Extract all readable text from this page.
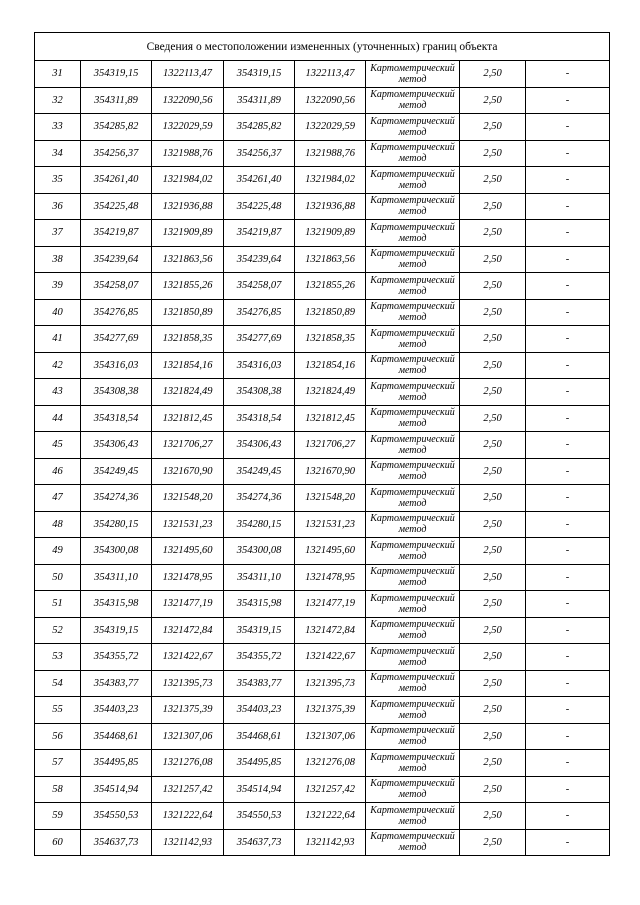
Сведения о местоположении измененных (уточненных) границ объекта							
31	354319,15	1322113,47	354319,15	1322113,47	Картометрический
метод	2,50	-
32	354311,89	1322090,56	354311,89	1322090,56	Картометрический
метод	2,50	-
33	354285,82	1322029,59	354285,82	1322029,59	Картометрический
метод	2,50	-
34	354256,37	1321988,76	354256,37	1321988,76	Картометрический
метод	2,50	-
35	354261,40	1321984,02	354261,40	1321984,02	Картометрический
метод	2,50	-
36	354225,48	1321936,88	354225,48	1321936,88	Картометрический
метод	2,50	-
37	354219,87	1321909,89	354219,87	1321909,89	Картометрический
метод	2,50	-
38	354239,64	1321863,56	354239,64	1321863,56	Картометрический
метод	2,50	-
39	354258,07	1321855,26	354258,07	1321855,26	Картометрический
метод	2,50	-
40	354276,85	1321850,89	354276,85	1321850,89	Картометрический
метод	2,50	-
41	354277,69	1321858,35	354277,69	1321858,35	Картометрический
метод	2,50	-
42	354316,03	1321854,16	354316,03	1321854,16	Картометрический
метод	2,50	-
43	354308,38	1321824,49	354308,38	1321824,49	Картометрический
метод	2,50	-
44	354318,54	1321812,45	354318,54	1321812,45	Картометрический
метод	2,50	-
45	354306,43	1321706,27	354306,43	1321706,27	Картометрический
метод	2,50	-
46	354249,45	1321670,90	354249,45	1321670,90	Картометрический
метод	2,50	-
47	354274,36	1321548,20	354274,36	1321548,20	Картометрический
метод	2,50	-
48	354280,15	1321531,23	354280,15	1321531,23	Картометрический
метод	2,50	-
49	354300,08	1321495,60	354300,08	1321495,60	Картометрический
метод	2,50	-
50	354311,10	1321478,95	354311,10	1321478,95	Картометрический
метод	2,50	-
51	354315,98	1321477,19	354315,98	1321477,19	Картометрический
метод	2,50	-
52	354319,15	1321472,84	354319,15	1321472,84	Картометрический
метод	2,50	-
53	354355,72	1321422,67	354355,72	1321422,67	Картометрический
метод	2,50	-
54	354383,77	1321395,73	354383,77	1321395,73	Картометрический
метод	2,50	-
55	354403,23	1321375,39	354403,23	1321375,39	Картометрический
метод	2,50	-
56	354468,61	1321307,06	354468,61	1321307,06	Картометрический
метод	2,50	-
57	354495,85	1321276,08	354495,85	1321276,08	Картометрический
метод	2,50	-
58	354514,94	1321257,42	354514,94	1321257,42	Картометрический
метод	2,50	-
59	354550,53	1321222,64	354550,53	1321222,64	Картометрический
метод	2,50	-
60	354637,73	1321142,93	354637,73	1321142,93	Картометрический
метод	2,50	-
